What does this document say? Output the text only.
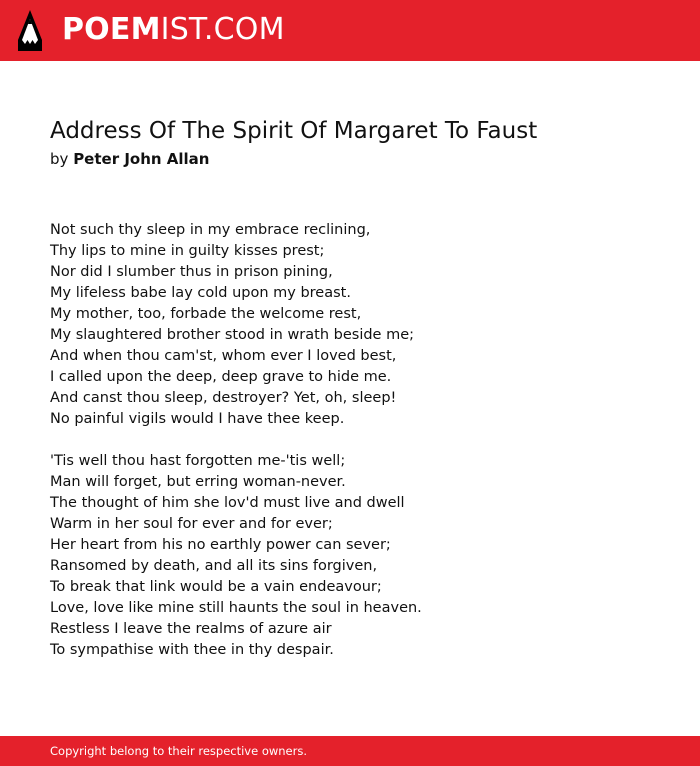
POEMIST.COM
Address Of The Spirit Of Margaret To Faust
by Peter John Allan
Not such thy sleep in my embrace reclining,
Thy lips to mine in guilty kisses prest;
Nor did I slumber thus in prison pining,
My lifeless babe lay cold upon my breast.
My mother, too, forbade the welcome rest,
My slaughtered brother stood in wrath beside me;
And when thou cam'st, whom ever I loved best,
I called upon the deep, deep grave to hide me.
And canst thou sleep, destroyer? Yet, oh, sleep!
No painful vigils would I have thee keep.
'Tis well thou hast forgotten me-'tis well;
Man will forget, but erring woman-never.
The thought of him she lov'd must live and dwell
Warm in her soul for ever and for ever;
Her heart from his no earthly power can sever;
Ransomed by death, and all its sins forgiven,
To break that link would be a vain endeavour;
Love, love like mine still haunts the soul in heaven.
Restless I leave the realms of azure air
To sympathise with thee in thy despair.
Copyright belong to their respective owners.
